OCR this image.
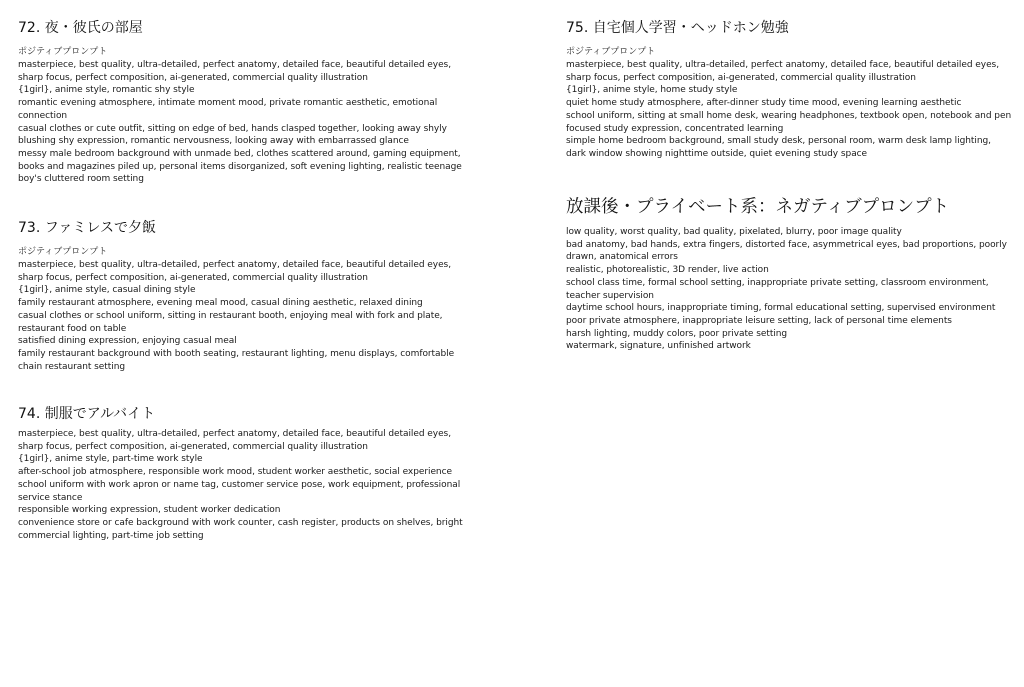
72. 夜・彼氏の部屋
ポジティブプロンプト
masterpiece, best quality, ultra-detailed, perfect anatomy, detailed face, beautiful detailed eyes,
sharp focus, perfect composition, ai-generated, commercial quality illustration
{1girl}, anime style, romantic shy style
romantic evening atmosphere, intimate moment mood, private romantic aesthetic, emotional
connection
casual clothes or cute outfit, sitting on edge of bed, hands clasped together, looking away shyly
blushing shy expression, romantic nervousness, looking away with embarrassed glance
messy male bedroom background with unmade bed, clothes scattered around, gaming equipment,
books and magazines piled up, personal items disorganized, soft evening lighting, realistic teenage
boy's cluttered room setting
73. ファミレスで夕飯
ポジティブプロンプト
masterpiece, best quality, ultra-detailed, perfect anatomy, detailed face, beautiful detailed eyes,
sharp focus, perfect composition, ai-generated, commercial quality illustration
{1girl}, anime style, casual dining style
family restaurant atmosphere, evening meal mood, casual dining aesthetic, relaxed dining
casual clothes or school uniform, sitting in restaurant booth, enjoying meal with fork and plate,
restaurant food on table
satisfied dining expression, enjoying casual meal
family restaurant background with booth seating, restaurant lighting, menu displays, comfortable
chain restaurant setting
74. 制服でアルバイト
masterpiece, best quality, ultra-detailed, perfect anatomy, detailed face, beautiful detailed eyes,
sharp focus, perfect composition, ai-generated, commercial quality illustration
{1girl}, anime style, part-time work style
after-school job atmosphere, responsible work mood, student worker aesthetic, social experience
school uniform with work apron or name tag, customer service pose, work equipment, professional
service stance
responsible working expression, student worker dedication
convenience store or cafe background with work counter, cash register, products on shelves, bright
commercial lighting, part-time job setting
75. 自宅個人学習・ヘッドホン勉強
ポジティブプロンプト
masterpiece, best quality, ultra-detailed, perfect anatomy, detailed face, beautiful detailed eyes,
sharp focus, perfect composition, ai-generated, commercial quality illustration
{1girl}, anime style, home study style
quiet home study atmosphere, after-dinner study time mood, evening learning aesthetic
school uniform, sitting at small home desk, wearing headphones, textbook open, notebook and pen
focused study expression, concentrated learning
simple home bedroom background, small study desk, personal room, warm desk lamp lighting,
dark window showing nighttime outside, quiet evening study space
放課後・プライベート系：ネガティブプロンプト
low quality, worst quality, bad quality, pixelated, blurry, poor image quality
bad anatomy, bad hands, extra fingers, distorted face, asymmetrical eyes, bad proportions, poorly
drawn, anatomical errors
realistic, photorealistic, 3D render, live action
school class time, formal school setting, inappropriate private setting, classroom environment,
teacher supervision
daytime school hours, inappropriate timing, formal educational setting, supervised environment
poor private atmosphere, inappropriate leisure setting, lack of personal time elements
harsh lighting, muddy colors, poor private setting
watermark, signature, unfinished artwork
